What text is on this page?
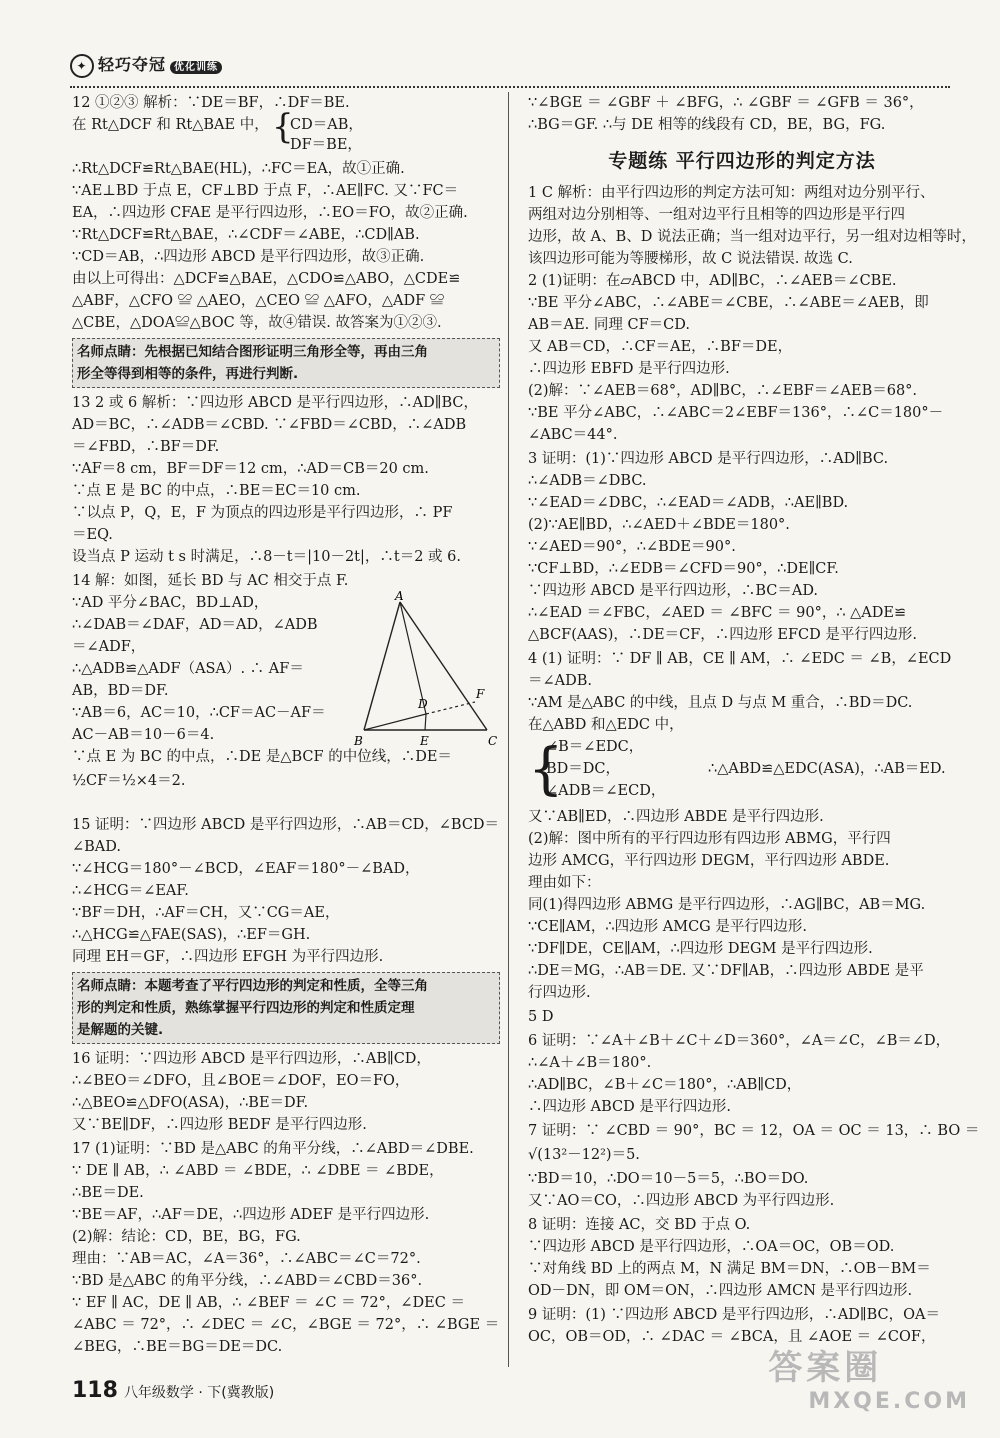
✦ 轻巧夺冠 优化训练
12 ①②③ 解析：∵DE＝BF，∴DF＝BE.
在 Rt△DCF 和 Rt△BAE 中， {
CD＝AB，
DF＝BE，
∴Rt△DCF≌Rt△BAE(HL)，∴FC＝EA，故①正确.
∵AE⊥BD 于点 E，CF⊥BD 于点 F，∴AE∥FC. 又∵FC＝
EA，∴四边形 CFAE 是平行四边形，∴EO＝FO，故②正确.
∵Rt△DCF≌Rt△BAE，∴∠CDF＝∠ABE，∴CD∥AB.
∵CD＝AB，∴四边形 ABCD 是平行四边形，故③正确.
由以上可得出：△DCF≌△BAE，△CDO≌△ABO，△CDE≌
△ABF，△CFO ≌ △AEO，△CEO ≌ △AFO，△ADF ≌
△CBE，△DOA≌△BOC 等，故④错误. 故答案为①②③.
名师点睛：先根据已知结合图形证明三角形全等，再由三角
形全等得到相等的条件，再进行判断.
13 2 或 6 解析：∵四边形 ABCD 是平行四边形，∴AD∥BC，
AD＝BC，∴∠ADB＝∠CBD. ∵∠FBD＝∠CBD，∴∠ADB
＝∠FBD，∴BF＝DF.
∵AF＝8 cm，BF＝DF＝12 cm，∴AD＝CB＝20 cm.
∵点 E 是 BC 的中点，∴BE＝EC＝10 cm.
∵以点 P，Q，E，F 为顶点的四边形是平行四边形，∴ PF
＝EQ.
设当点 P 运动 t s 时满足，∴8－t＝|10－2t|，∴t＝2 或 6.
14 解：如图，延长 BD 与 AC 相交于点 F.
∵AD 平分∠BAC，BD⊥AD，
∴∠DAB＝∠DAF，AD＝AD，∠ADB
＝∠ADF，
∴△ADB≌△ADF（ASA）. ∴ AF＝
AB，BD＝DF.
∵AB＝6，AC＝10，∴CF＝AC－AF＝
AC－AB＝10－6＝4.
∵点 E 为 BC 的中点，∴DE 是△BCF 的中位线，∴DE＝
½CF＝½×4＝2.
A
B	C
D
E
F
15 证明：∵四边形 ABCD 是平行四边形，∴AB＝CD，∠BCD＝
∠BAD.
∵∠HCG＝180°－∠BCD，∠EAF＝180°－∠BAD，
∴∠HCG＝∠EAF.
∵BF＝DH，∴AF＝CH，又∵CG＝AE，
∴△HCG≌△FAE(SAS)，∴EF＝GH.
同理 EH＝GF，∴四边形 EFGH 为平行四边形.
名师点睛：本题考查了平行四边形的判定和性质，全等三角
形的判定和性质，熟练掌握平行四边形的判定和性质定理
是解题的关键.
16 证明：∵四边形 ABCD 是平行四边形，∴AB∥CD，
∴∠BEO＝∠DFO，且∠BOE＝∠DOF，EO＝FO，
∴△BEO≌△DFO(ASA)，∴BE＝DF.
又∵BE∥DF，∴四边形 BEDF 是平行四边形.
17 (1)证明：∵BD 是△ABC 的角平分线，∴∠ABD＝∠DBE.
∵ DE ∥ AB，∴ ∠ABD ＝ ∠BDE，∴ ∠DBE ＝ ∠BDE，
∴BE＝DE.
∵BE＝AF，∴AF＝DE，∴四边形 ADEF 是平行四边形.
(2)解：结论：CD，BE，BG，FG.
理由：∵AB＝AC，∠A＝36°，∴∠ABC＝∠C＝72°.
∵BD 是△ABC 的角平分线，∴∠ABD＝∠CBD＝36°.
∵ EF ∥ AC，DE ∥ AB，∴ ∠BEF ＝ ∠C ＝ 72°，∠DEC ＝
∠ABC ＝ 72°，∴ ∠DEC ＝ ∠C，∠BGE ＝ 72°，∴ ∠BGE ＝
∠BEG，∴BE＝BG＝DE＝DC.
∵∠BGE ＝ ∠GBF ＋ ∠BFG，∴ ∠GBF ＝ ∠GFB ＝ 36°，
∴BG＝GF. ∴与 DE 相等的线段有 CD，BE，BG，FG.
专题练 平行四边形的判定方法
1 C 解析：由平行四边形的判定方法可知：两组对边分别平行、
两组对边分别相等、一组对边平行且相等的四边形是平行四
边形，故 A、B、D 说法正确；当一组对边平行，另一组对边相等时，
该四边形可能为等腰梯形，故 C 说法错误. 故选 C.
2 (1)证明：在▱ABCD 中，AD∥BC，∴∠AEB＝∠CBE.
∵BE 平分∠ABC，∴∠ABE＝∠CBE，∴∠ABE＝∠AEB，即
AB＝AE. 同理 CF＝CD.
又 AB＝CD，∴CF＝AE，∴BF＝DE，
∴四边形 EBFD 是平行四边形.
(2)解：∵∠AEB＝68°，AD∥BC，∴∠EBF＝∠AEB＝68°.
∵BE 平分∠ABC，∴∠ABC＝2∠EBF＝136°，∴∠C＝180°－
∠ABC＝44°.
3 证明：(1)∵四边形 ABCD 是平行四边形，∴AD∥BC.
∴∠ADB＝∠DBC.
∵∠EAD＝∠DBC，∴∠EAD＝∠ADB，∴AE∥BD.
(2)∵AE∥BD，∴∠AED＋∠BDE＝180°.
∵∠AED＝90°，∴∠BDE＝90°.
∵CF⊥BD，∴∠EDB＝∠CFD＝90°，∴DE∥CF.
∵四边形 ABCD 是平行四边形，∴BC＝AD.
∴∠EAD ＝∠FBC，∠AED ＝ ∠BFC ＝ 90°，∴ △ADE≌
△BCF(AAS)，∴DE＝CF，∴四边形 EFCD 是平行四边形.
4 (1) 证明：∵ DF ∥ AB，CE ∥ AM，∴ ∠EDC ＝ ∠B，∠ECD
＝∠ADB.
∵AM 是△ABC 的中线，且点 D 与点 M 重合，∴BD＝DC.
在△ABD 和△EDC 中，
{
∠B＝∠EDC，
BD＝DC，
∠ADB＝∠ECD，
∴△ABD≌△EDC(ASA)，∴AB＝ED.
又∵AB∥ED，∴四边形 ABDE 是平行四边形.
(2)解：图中所有的平行四边形有四边形 ABMG，平行四
边形 AMCG，平行四边形 DEGM，平行四边形 ABDE.
理由如下：
同(1)得四边形 ABMG 是平行四边形，∴AG∥BC，AB＝MG.
∵CE∥AM，∴四边形 AMCG 是平行四边形.
∵DF∥DE，CE∥AM，∴四边形 DEGM 是平行四边形.
∴DE＝MG，∴AB＝DE. 又∵DF∥AB，∴四边形 ABDE 是平
行四边形.
5 D
6 证明：∵∠A＋∠B＋∠C＋∠D＝360°，∠A＝∠C，∠B＝∠D，
∴∠A＋∠B＝180°.
∴AD∥BC，∠B＋∠C＝180°，∴AB∥CD，
∴四边形 ABCD 是平行四边形.
7 证明：∵ ∠CBD ＝ 90°，BC ＝ 12，OA ＝ OC ＝ 13，∴ BO ＝
√(13²－12²)＝5.
∵BD＝10，∴DO＝10－5＝5，∴BO＝DO.
又∵AO＝CO，∴四边形 ABCD 为平行四边形.
8 证明：连接 AC，交 BD 于点 O.
∵四边形 ABCD 是平行四边形，∴OA＝OC，OB＝OD.
∵对角线 BD 上的两点 M，N 满足 BM＝DN，∴OB－BM＝
OD－DN，即 OM＝ON，∴四边形 AMCN 是平行四边形.
9 证明：(1) ∵四边形 ABCD 是平行四边形，∴AD∥BC，OA＝
OC，OB＝OD，∴ ∠DAC ＝ ∠BCA，且 ∠AOE ＝ ∠COF，
118 八年级数学 · 下(冀教版)
答案圈
MXQE.COM
